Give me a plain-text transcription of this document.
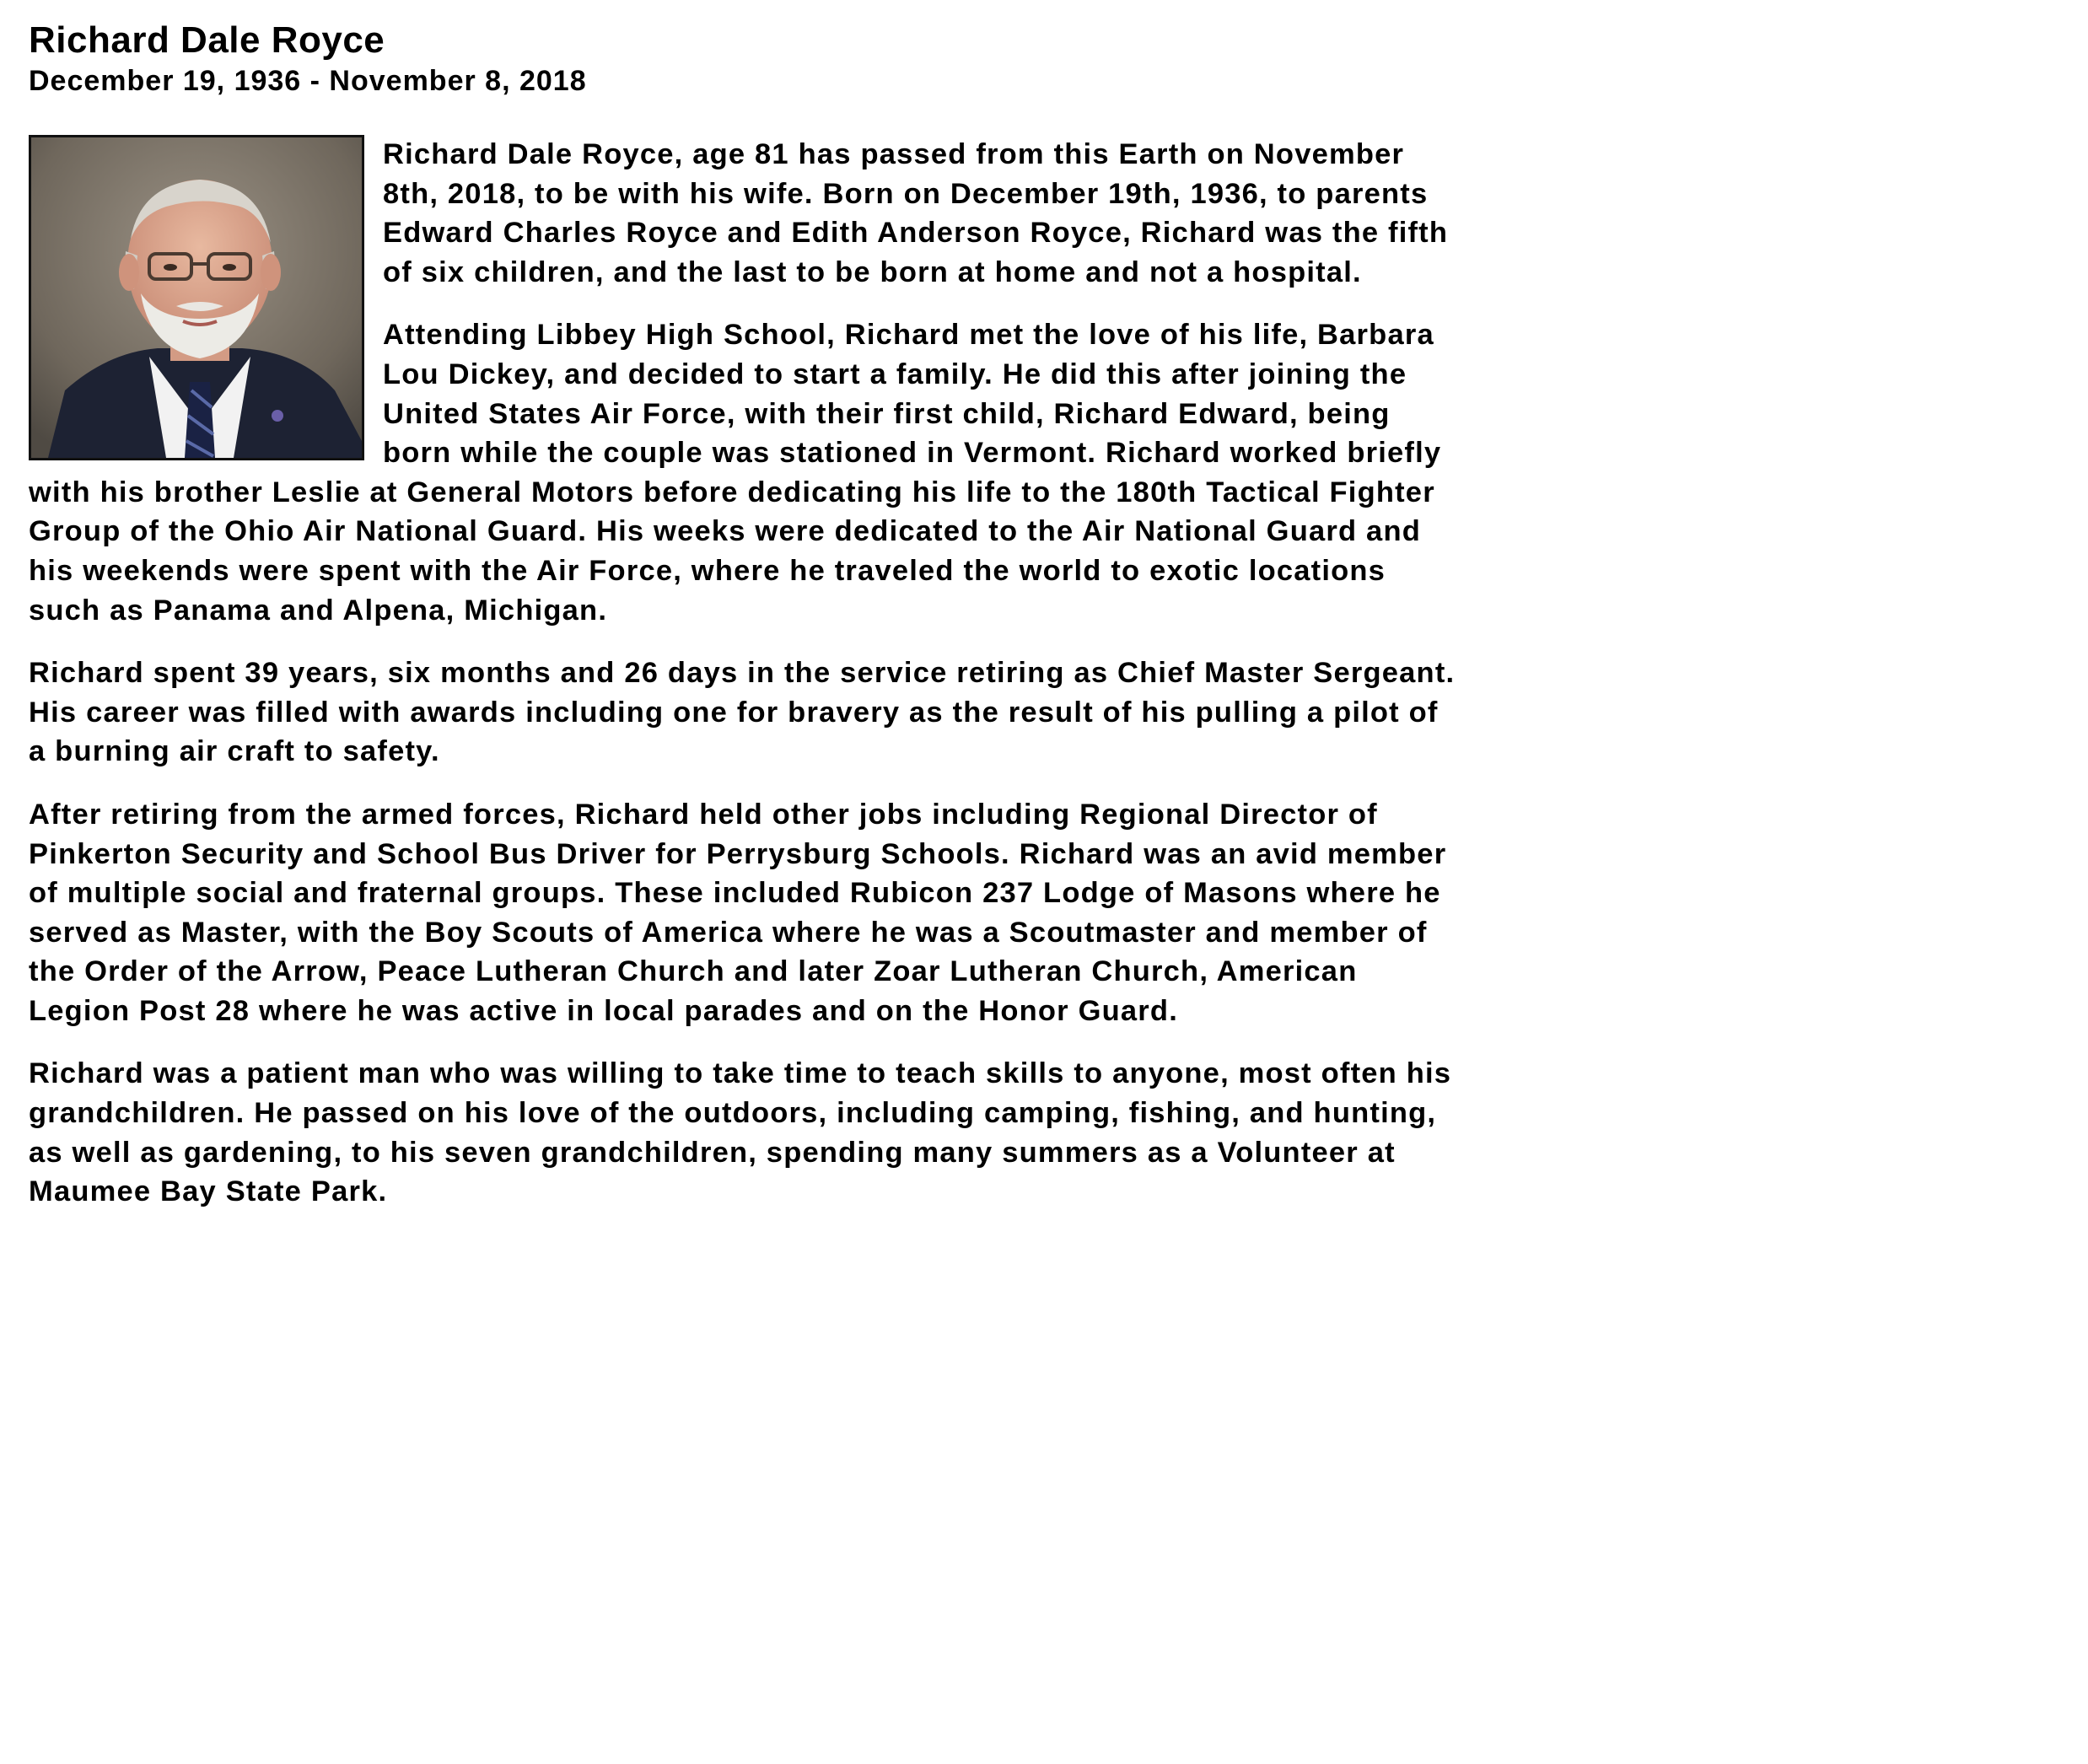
Richard Dale Royce
December 19, 1936 - November 8, 2018

Richard Dale Royce, age 81 has passed from this Earth on November 8th, 2018, to be with his wife. Born on December 19th, 1936, to parents Edward Charles Royce and Edith Anderson Royce, Richard was the fifth of six children, and the last to be born at home and not a hospital.

Attending Libbey High School, Richard met the love of his life, Barbara Lou Dickey, and decided to start a family. He did this after joining the United States Air Force, with their first child, Richard Edward, being born while the couple was stationed in Vermont. Richard worked briefly with his brother Leslie at General Motors before dedicating his life to the 180th Tactical Fighter Group of the Ohio Air National Guard. His weeks were dedicated to the Air National Guard and his weekends were spent with the Air Force, where he traveled the world to exotic locations such as Panama and Alpena, Michigan.

Richard spent 39 years, six months and 26 days in the service retiring as Chief Master Sergeant. His career was filled with awards including one for bravery as the result of his pulling a pilot of a burning air craft to safety.

After retiring from the armed forces, Richard held other jobs including Regional Director of Pinkerton Security and School Bus Driver for Perrysburg Schools. Richard was an avid member of multiple social and fraternal groups. These included Rubicon 237 Lodge of Masons where he served as Master, with the Boy Scouts of America where he was a Scoutmaster and member of the Order of the Arrow, Peace Lutheran Church and later Zoar Lutheran Church, American Legion Post 28 where he was active in local parades and on the Honor Guard.

Richard was a patient man who was willing to take time to teach skills to anyone, most often his grandchildren. He passed on his love of the outdoors, including camping, fishing, and hunting, as well as gardening, to his seven grandchildren, spending many summers as a Volunteer at Maumee Bay State Park.
